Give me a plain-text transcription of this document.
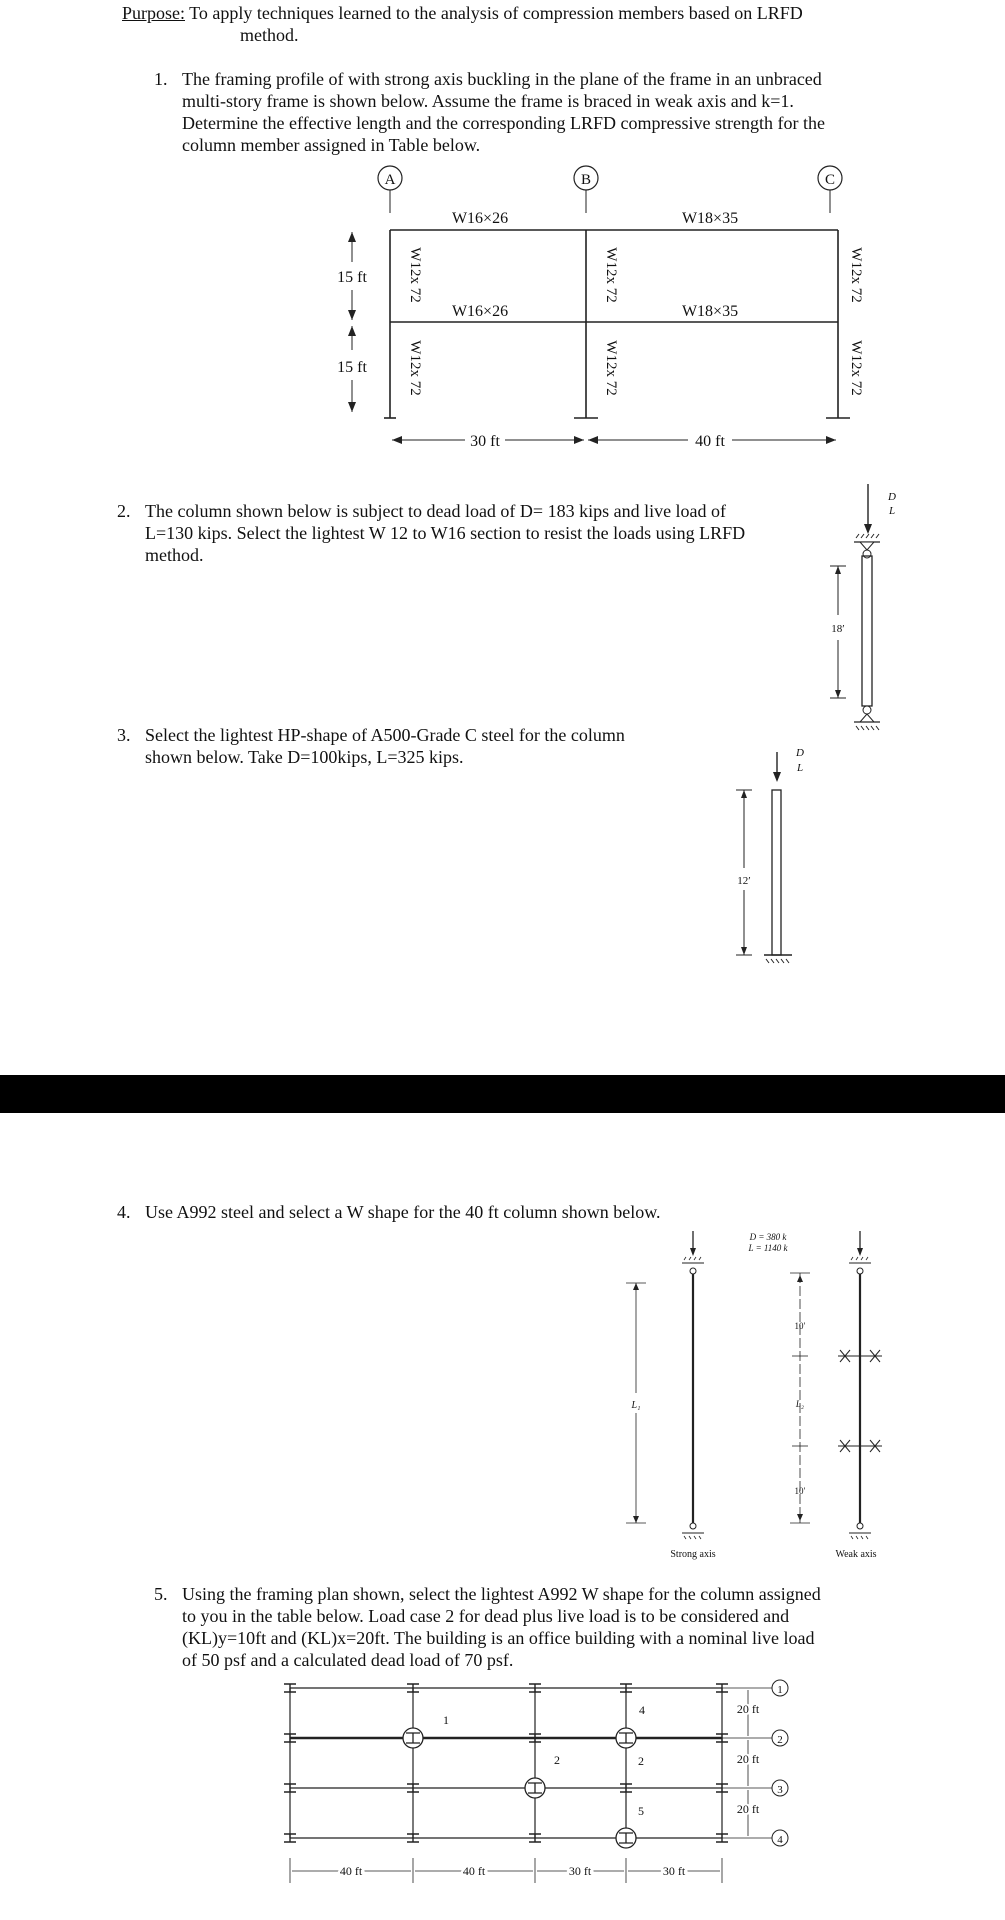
Purpose: To apply techniques learned to the analysis of compression members based on LRFD
method.
1. The framing profile of with strong axis buckling in the plane of the frame in an unbraced
multi-story frame is shown below. Assume the frame is braced in weak axis and k=1.
Determine the effective length and the corresponding LRFD compressive strength for the
column member assigned in Table below.
A	B	C
W16×26	W18×35
W16×26	W18×35
W12x 72
W12x 72
W12x 72
W12x 72
W12x 72
W12x 72
15 ft
15 ft
30 ft	40 ft
2. The column shown below is subject to dead load of D= 183 kips and live load of
L=130 kips. Select the lightest W 12 to W16 section to resist the loads using LRFD
method.
D
L
18′
3. Select the lightest HP-shape of A500-Grade C steel for the column
shown below. Take D=100kips, L=325 kips.	D
L
12′
4. Use A992 steel and select a W shape for the 40 ft column shown below.
L₁
Strong axis
D = 380 k
L = 1140 k
10′
L₂
10′
Weak axis
5. Using the framing plan shown, select the lightest A992 W shape for the column assigned
to you in the table below. Load case 2 for dead plus live load is to be considered and
(KL)y=10ft and (KL)x=20ft. The building is an office building with a nominal live load
of 50 psf and a calculated dead load of 70 psf.
1
2
4
2
5
1
2
3
4
20 ft
20 ft
20 ft
40 ft	40 ft	30 ft	30 ft
